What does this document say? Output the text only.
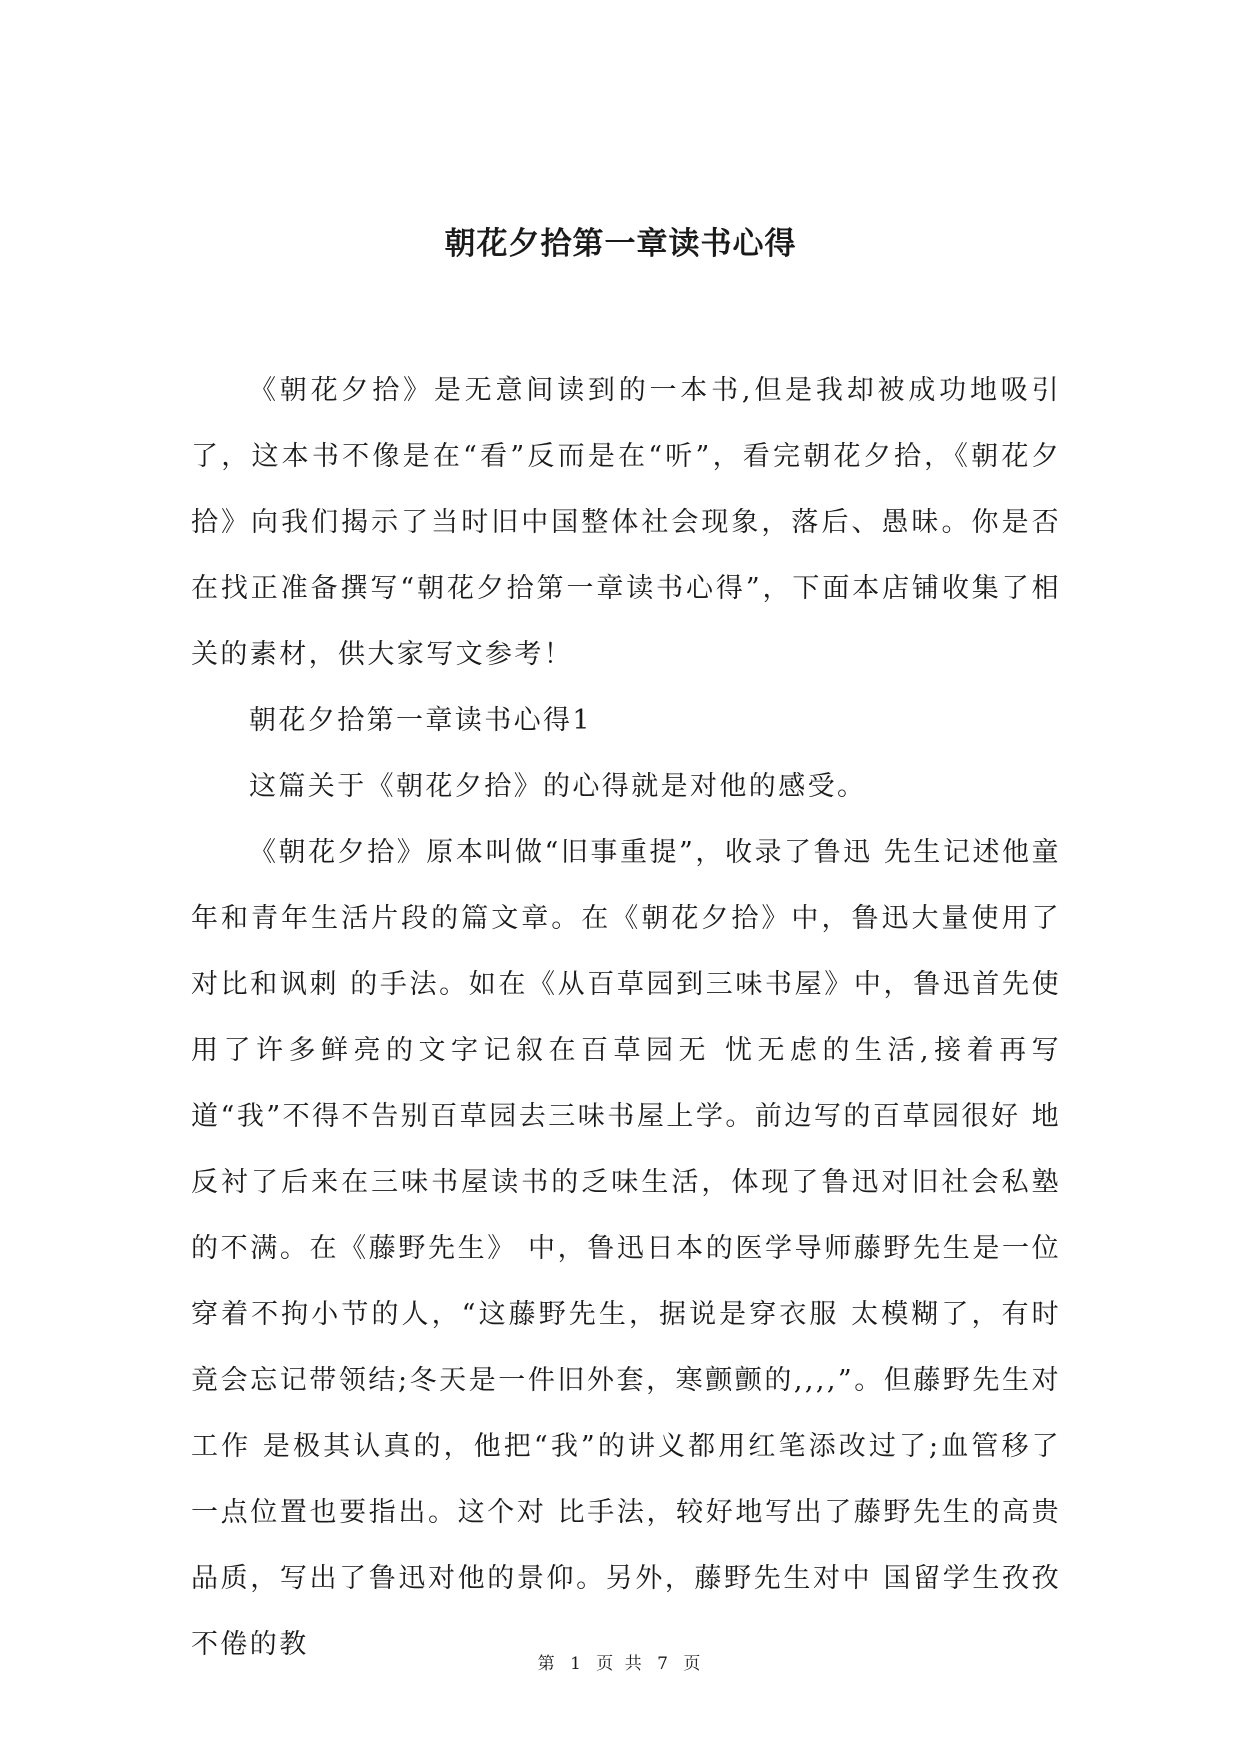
朝花夕拾第一章读书心得

《朝花夕拾》是无意间读到的一本书,但是我却被成功地吸引了，这本书不像是在“看”反而是在“听”，看完朝花夕拾，《朝花夕拾》向我们揭示了当时旧中国整体社会现象，落后、愚昧。你是否在找正准备撰写“朝花夕拾第一章读书心得”，下面本店铺收集了相关的素材，供大家写文参考！

朝花夕拾第一章读书心得1

这篇关于《朝花夕拾》的心得就是对他的感受。

《朝花夕拾》原本叫做“旧事重提”，收录了鲁迅 先生记述他童年和青年生活片段的篇文章。在《朝花夕拾》中，鲁迅大量使用了对比和讽刺 的手法。如在《从百草园到三味书屋》中，鲁迅首先使用了许多鲜亮的文字记叙在百草园无 忧无虑的生活,接着再写道“我”不得不告别百草园去三味书屋上学。前边写的百草园很好 地反衬了后来在三味书屋读书的乏味生活，体现了鲁迅对旧社会私塾的不满。在《藤野先生》 中，鲁迅日本的医学导师藤野先生是一位穿着不拘小节的人，“这藤野先生，据说是穿衣服 太模糊了，有时竟会忘记带领结;冬天是一件旧外套，寒颤颤的,,,,”。但藤野先生对工作 是极其认真的，他把“我”的讲义都用红笔添改过了;血管移了一点位置也要指出。这个对 比手法，较好地写出了藤野先生的高贵品质，写出了鲁迅对他的景仰。另外，藤野先生对中 国留学生孜孜不倦的教

第 1 页 共 7 页
